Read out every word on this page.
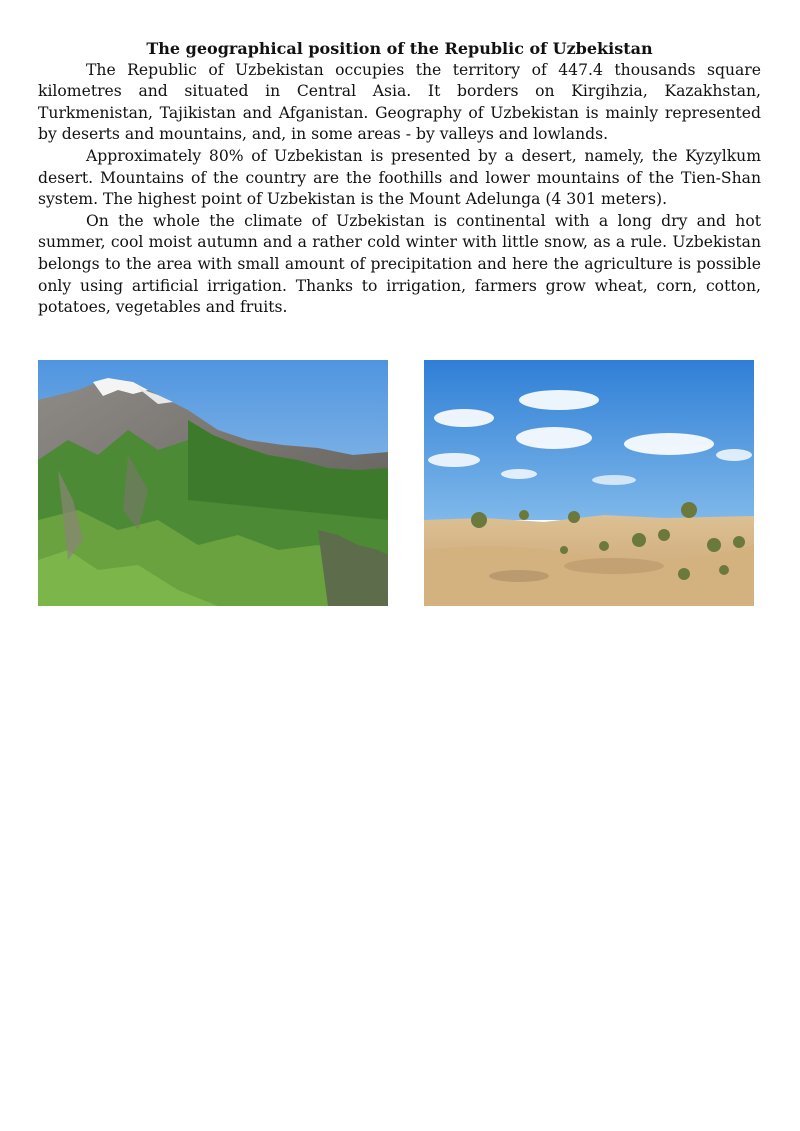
The geographical position of the Republic of Uzbekistan

The Republic of Uzbekistan occupies the territory of 447.4 thousands square kilometres and situated in Central Asia. It borders on Kirgihzia, Kazakhstan, Turkmenistan, Tajikistan and Afganistan. Geography of Uzbekistan is mainly represented by deserts and mountains, and, in some areas - by valleys and lowlands.

Approximately 80% of Uzbekistan is presented by a desert, namely, the Kyzylkum desert. Mountains of the country are the foothills and lower mountains of the Tien-Shan system. The highest point of Uzbekistan is the Mount Adelunga (4 301 meters).

On the whole the climate of Uzbekistan is continental with a long dry and hot summer, cool moist autumn and a rather cold winter with little snow, as a rule. Uzbekistan belongs to the area with small amount of precipitation and here the agriculture is possible only using artificial irrigation. Thanks to irrigation, farmers grow wheat, corn, cotton, potatoes, vegetables and fruits.
